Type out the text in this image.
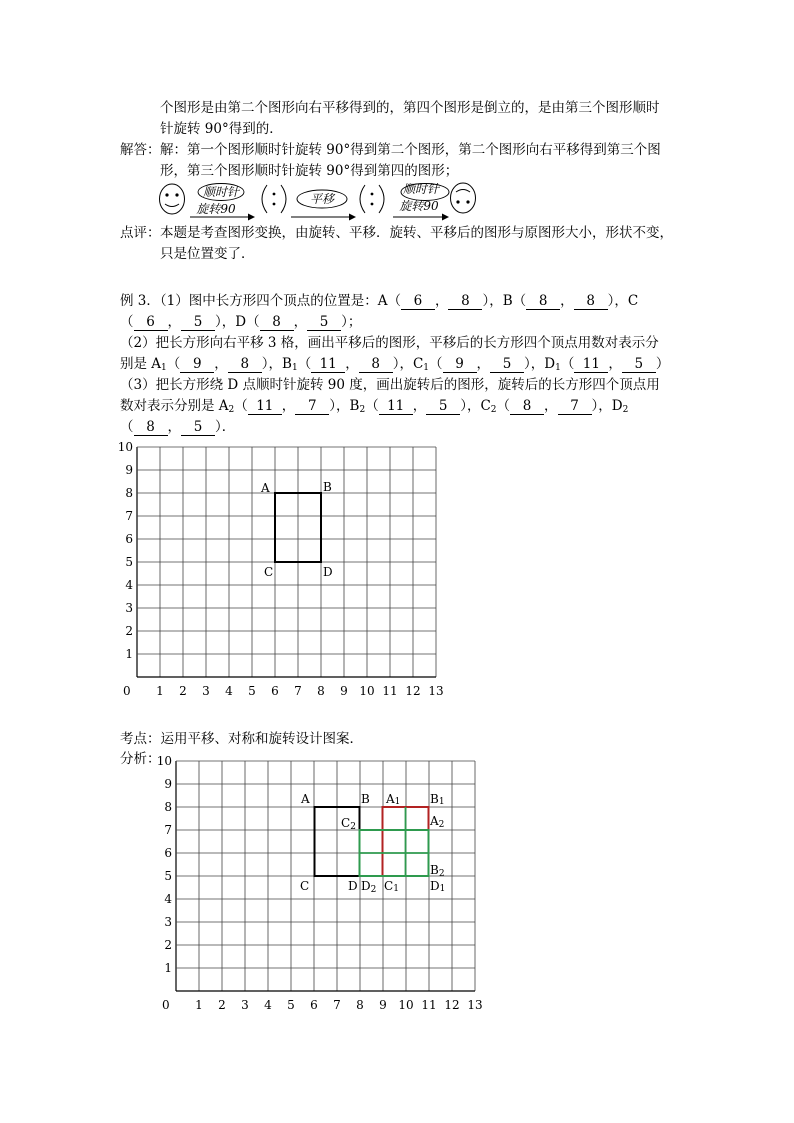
个图形是由第二个图形向右平移得到的，第四个图形是倒立的，是由第三个图形顺时
针旋转 90°得到的．
解答： 解：第一个图形顺时针旋转 90°得到第二个图形，第二个图形向右平移得到第三个图
形，第三个图形顺时针旋转 90°得到第四的图形；
顺时针
旋转90
平移
顺时针
旋转90
点评： 本题是考查图形变换，由旋转、平移．旋转、平移后的图形与原图形大小，形状不变，
只是位置变了．
例 3．（1）图中长方形四个顶点的位置是：A（ 6 ， 8 ），B（ 8 ， 8 ），C
（ 6 ， 5 ），D（ 8 ， 5 ）；
（2）把长方形向右平移 3 格，画出平移后的图形，平移后的长方形四个顶点用数对表示分
别是 $A_1$（ 9 ， 8 ），$B_1$（ 11 ， 8 ），$C_1$（ 9 ， 5 ），$D_1$（ 11 ， 5 ）
（3）把长方形绕 D 点顺时针旋转 90 度，画出旋转后的图形，旋转后的长方形四个顶点用
数对表示分别是 $A_2$（ 11 ， 7 ），$B_2$（ 11 ， 5 ），$C_2$（ 8 ， 7 ），$D_2$
（ 8 ， 5 ）．
0 1 2 3 4 5 6 7 8 9 10 11 12 13
1
2
3
4
5
6
7
8
9
10
A	B
C	D
考点：运用平移、对称和旋转设计图案．
分析：
0 1 2 3 4 5 6 7 8 9 10 11 12 13
1
2
3
4
5
6
7
8
9
10
A	B
C	D
A1 B1
C1	D1
A2
B2
C2
D2
